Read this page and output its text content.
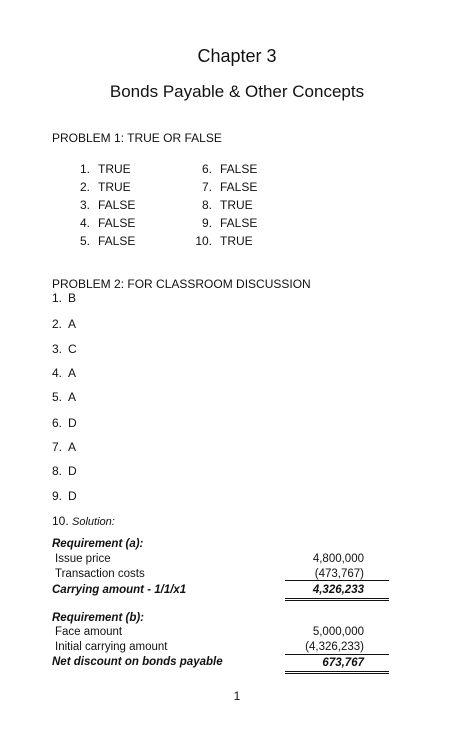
Chapter 3
Bonds Payable & Other Concepts
PROBLEM 1: TRUE OR FALSE
1. TRUE
2. TRUE
3. FALSE
4. FALSE
5. FALSE
6. FALSE
7. FALSE
8. TRUE
9. FALSE
10. TRUE
PROBLEM 2: FOR CLASSROOM DISCUSSION
1. B
2. A
3. C
4. A
5. A
6. D
7. A
8. D
9. D
10. Solution:
Requirement (a):
Issue price	4,800,000
Transaction costs	(473,767)
Carrying amount - 1/1/x1	4,326,233
Requirement (b):
Face amount	5,000,000
Initial carrying amount	(4,326,233)
Net discount on bonds payable	673,767
1
